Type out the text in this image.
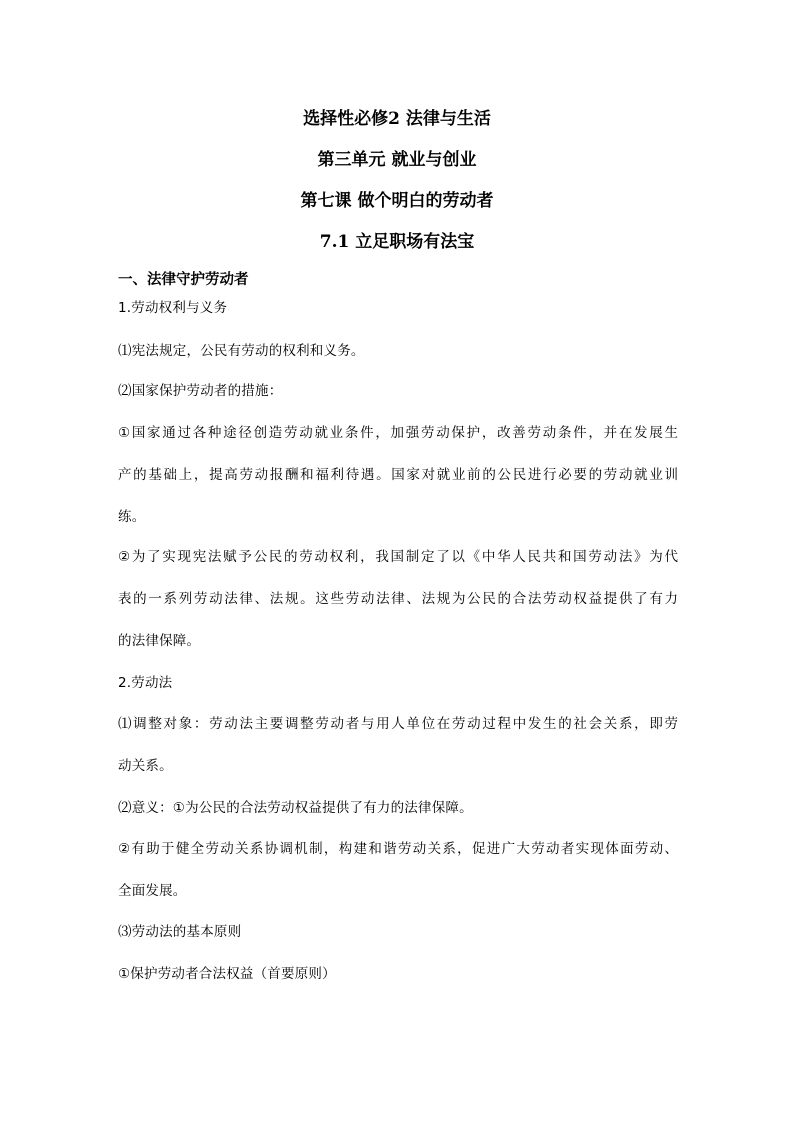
选择性必修2 法律与生活
第三单元 就业与创业
第七课 做个明白的劳动者
7.1 立足职场有法宝
一、法律守护劳动者
1.劳动权利与义务
⑴宪法规定，公民有劳动的权利和义务。
⑵国家保护劳动者的措施：
①国家通过各种途径创造劳动就业条件，加强劳动保护，改善劳动条件，并在发展生
产的基础上，提高劳动报酬和福利待遇。国家对就业前的公民进行必要的劳动就业训
练。
②为了实现宪法赋予公民的劳动权利，我国制定了以《中华人民共和国劳动法》为代
表的一系列劳动法律、法规。这些劳动法律、法规为公民的合法劳动权益提供了有力
的法律保障。
2.劳动法
⑴调整对象：劳动法主要调整劳动者与用人单位在劳动过程中发生的社会关系，即劳
动关系。
⑵意义：①为公民的合法劳动权益提供了有力的法律保障。
②有助于健全劳动关系协调机制，构建和谐劳动关系，促进广大劳动者实现体面劳动、
全面发展。
⑶劳动法的基本原则
①保护劳动者合法权益（首要原则）
